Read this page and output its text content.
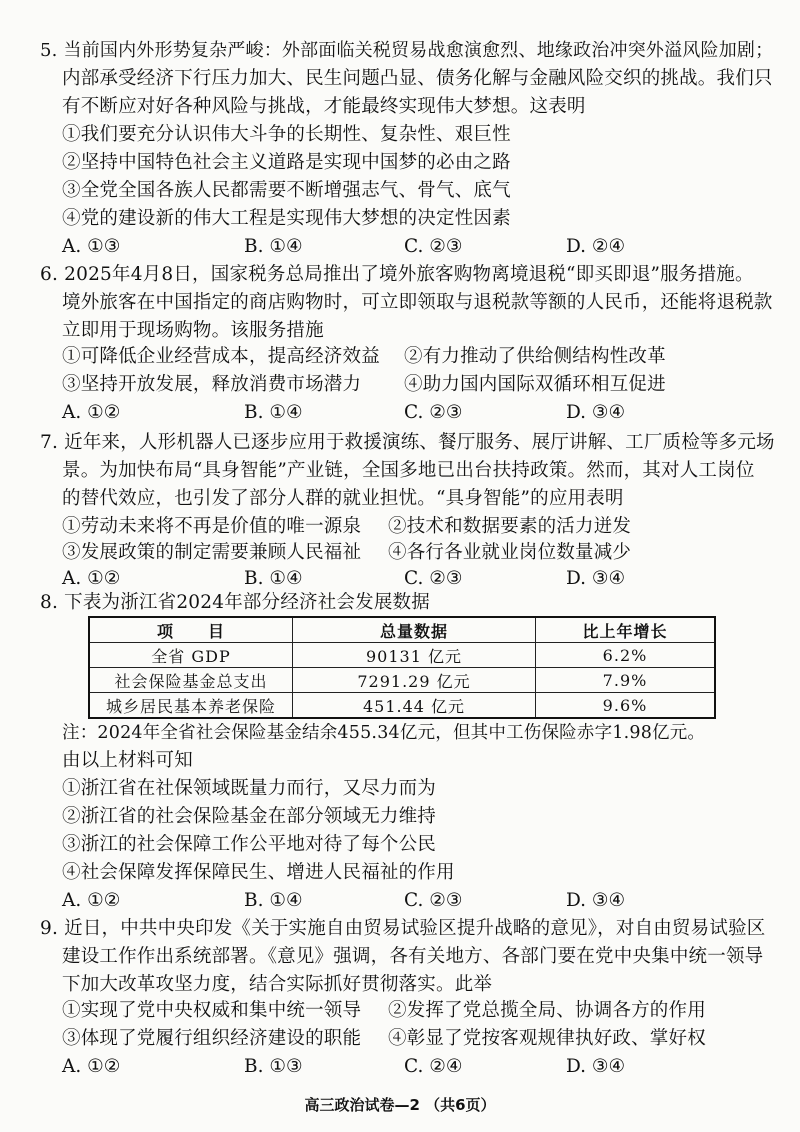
5. 当前国内外形势复杂严峻：外部面临关税贸易战愈演愈烈、地缘政治冲突外溢风险加剧；
内部承受经济下行压力加大、民生问题凸显、债务化解与金融风险交织的挑战。我们只
有不断应对好各种风险与挑战，才能最终实现伟大梦想。这表明
①我们要充分认识伟大斗争的长期性、复杂性、艰巨性
②坚持中国特色社会主义道路是实现中国梦的必由之路
③全党全国各族人民都需要不断增强志气、骨气、底气
④党的建设新的伟大工程是实现伟大梦想的决定性因素
A. ①③	B. ①④	C. ②③	D. ②④
6. 2025年4月8日，国家税务总局推出了境外旅客购物离境退税“即买即退”服务措施。
境外旅客在中国指定的商店购物时，可立即领取与退税款等额的人民币，还能将退税款
立即用于现场购物。该服务措施
①可降低企业经营成本，提高经济效益 ②有力推动了供给侧结构性改革
③坚持开放发展，释放消费市场潜力 ④助力国内国际双循环相互促进
A. ①②	B. ①④	C. ②③	D. ③④
7. 近年来，人形机器人已逐步应用于救援演练、餐厅服务、展厅讲解、工厂质检等多元场
景。为加快布局“具身智能”产业链，全国多地已出台扶持政策。然而，其对人工岗位
的替代效应，也引发了部分人群的就业担忧。“具身智能”的应用表明
①劳动未来将不再是价值的唯一源泉 ②技术和数据要素的活力迸发
③发展政策的制定需要兼顾人民福祉 ④各行各业就业岗位数量减少
A. ①②	B. ①④	C. ②③	D. ③④
8. 下表为浙江省2024年部分经济社会发展数据
项　　目	总量数据	比上年增长
全省 GDP	90131 亿元	6.2%
社会保险基金总支出	7291.29 亿元	7.9%
城乡居民基本养老保险	451.44 亿元	9.6%
注：2024年全省社会保险基金结余455.34亿元，但其中工伤保险赤字1.98亿元。
由以上材料可知
①浙江省在社保领域既量力而行，又尽力而为
②浙江省的社会保险基金在部分领域无力维持
③浙江的社会保障工作公平地对待了每个公民
④社会保障发挥保障民生、增进人民福祉的作用
A. ①②	B. ①④	C. ②③	D. ③④
9. 近日，中共中央印发《关于实施自由贸易试验区提升战略的意见》，对自由贸易试验区
建设工作作出系统部署。《意见》强调，各有关地方、各部门要在党中央集中统一领导
下加大改革攻坚力度，结合实际抓好贯彻落实。此举
①实现了党中央权威和集中统一领导 ②发挥了党总揽全局、协调各方的作用
③体现了党履行组织经济建设的职能 ④彰显了党按客观规律执好政、掌好权
A. ①②	B. ①③	C. ②④	D. ③④
高三政治试卷—2 （共6页）
